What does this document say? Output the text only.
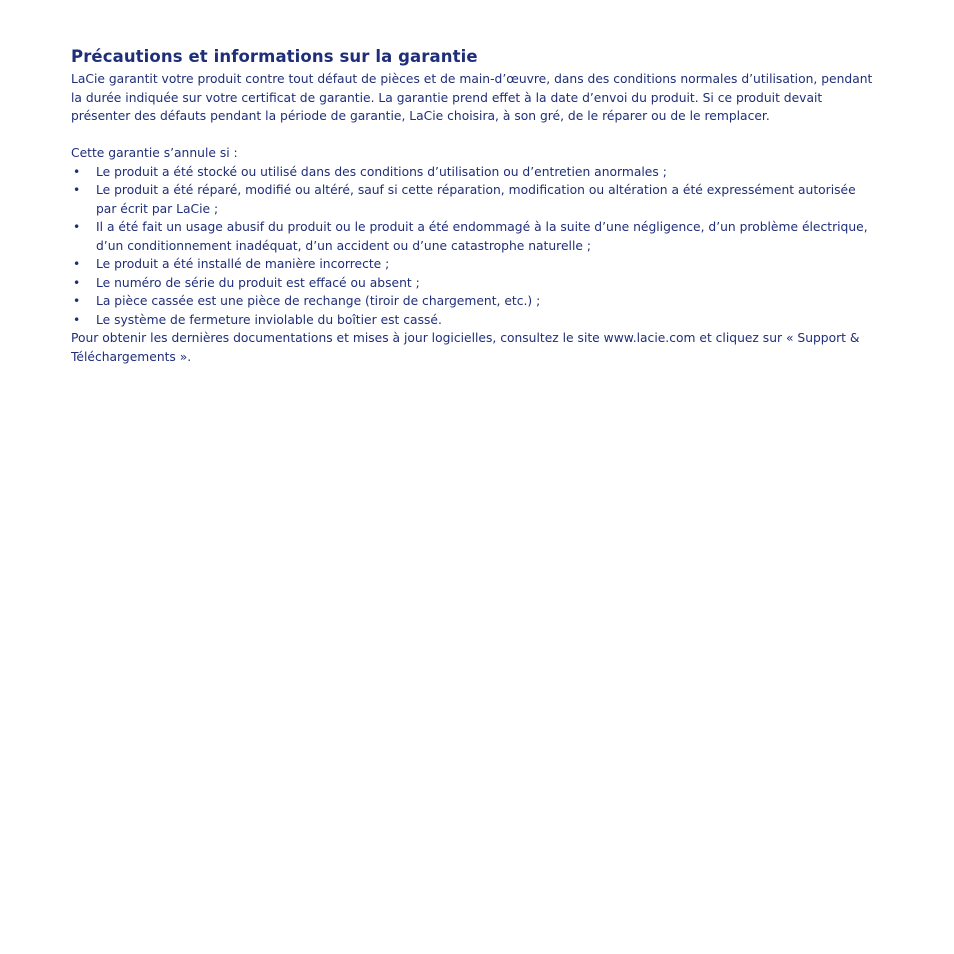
Précautions et informations sur la garantie
LaCie garantit votre produit contre tout défaut de pièces et de main-d’œuvre, dans des conditions normales d’utilisation, pendant
la durée indiquée sur votre certificat de garantie. La garantie prend effet à la date d’envoi du produit. Si ce produit devait
présenter des défauts pendant la période de garantie, LaCie choisira, à son gré, de le réparer ou de le remplacer.
Cette garantie s’annule si :
• Le produit a été stocké ou utilisé dans des conditions d’utilisation ou d’entretien anormales ;
• Le produit a été réparé, modifié ou altéré, sauf si cette réparation, modification ou altération a été expressément autorisée
par écrit par LaCie ;
• Il a été fait un usage abusif du produit ou le produit a été endommagé à la suite d’une négligence, d’un problème électrique,
d’un conditionnement inadéquat, d’un accident ou d’une catastrophe naturelle ;
• Le produit a été installé de manière incorrecte ;
• Le numéro de série du produit est effacé ou absent ;
• La pièce cassée est une pièce de rechange (tiroir de chargement, etc.) ;
• Le système de fermeture inviolable du boîtier est cassé.
Pour obtenir les dernières documentations et mises à jour logicielles, consultez le site www.lacie.com et cliquez sur « Support &
Téléchargements ».
